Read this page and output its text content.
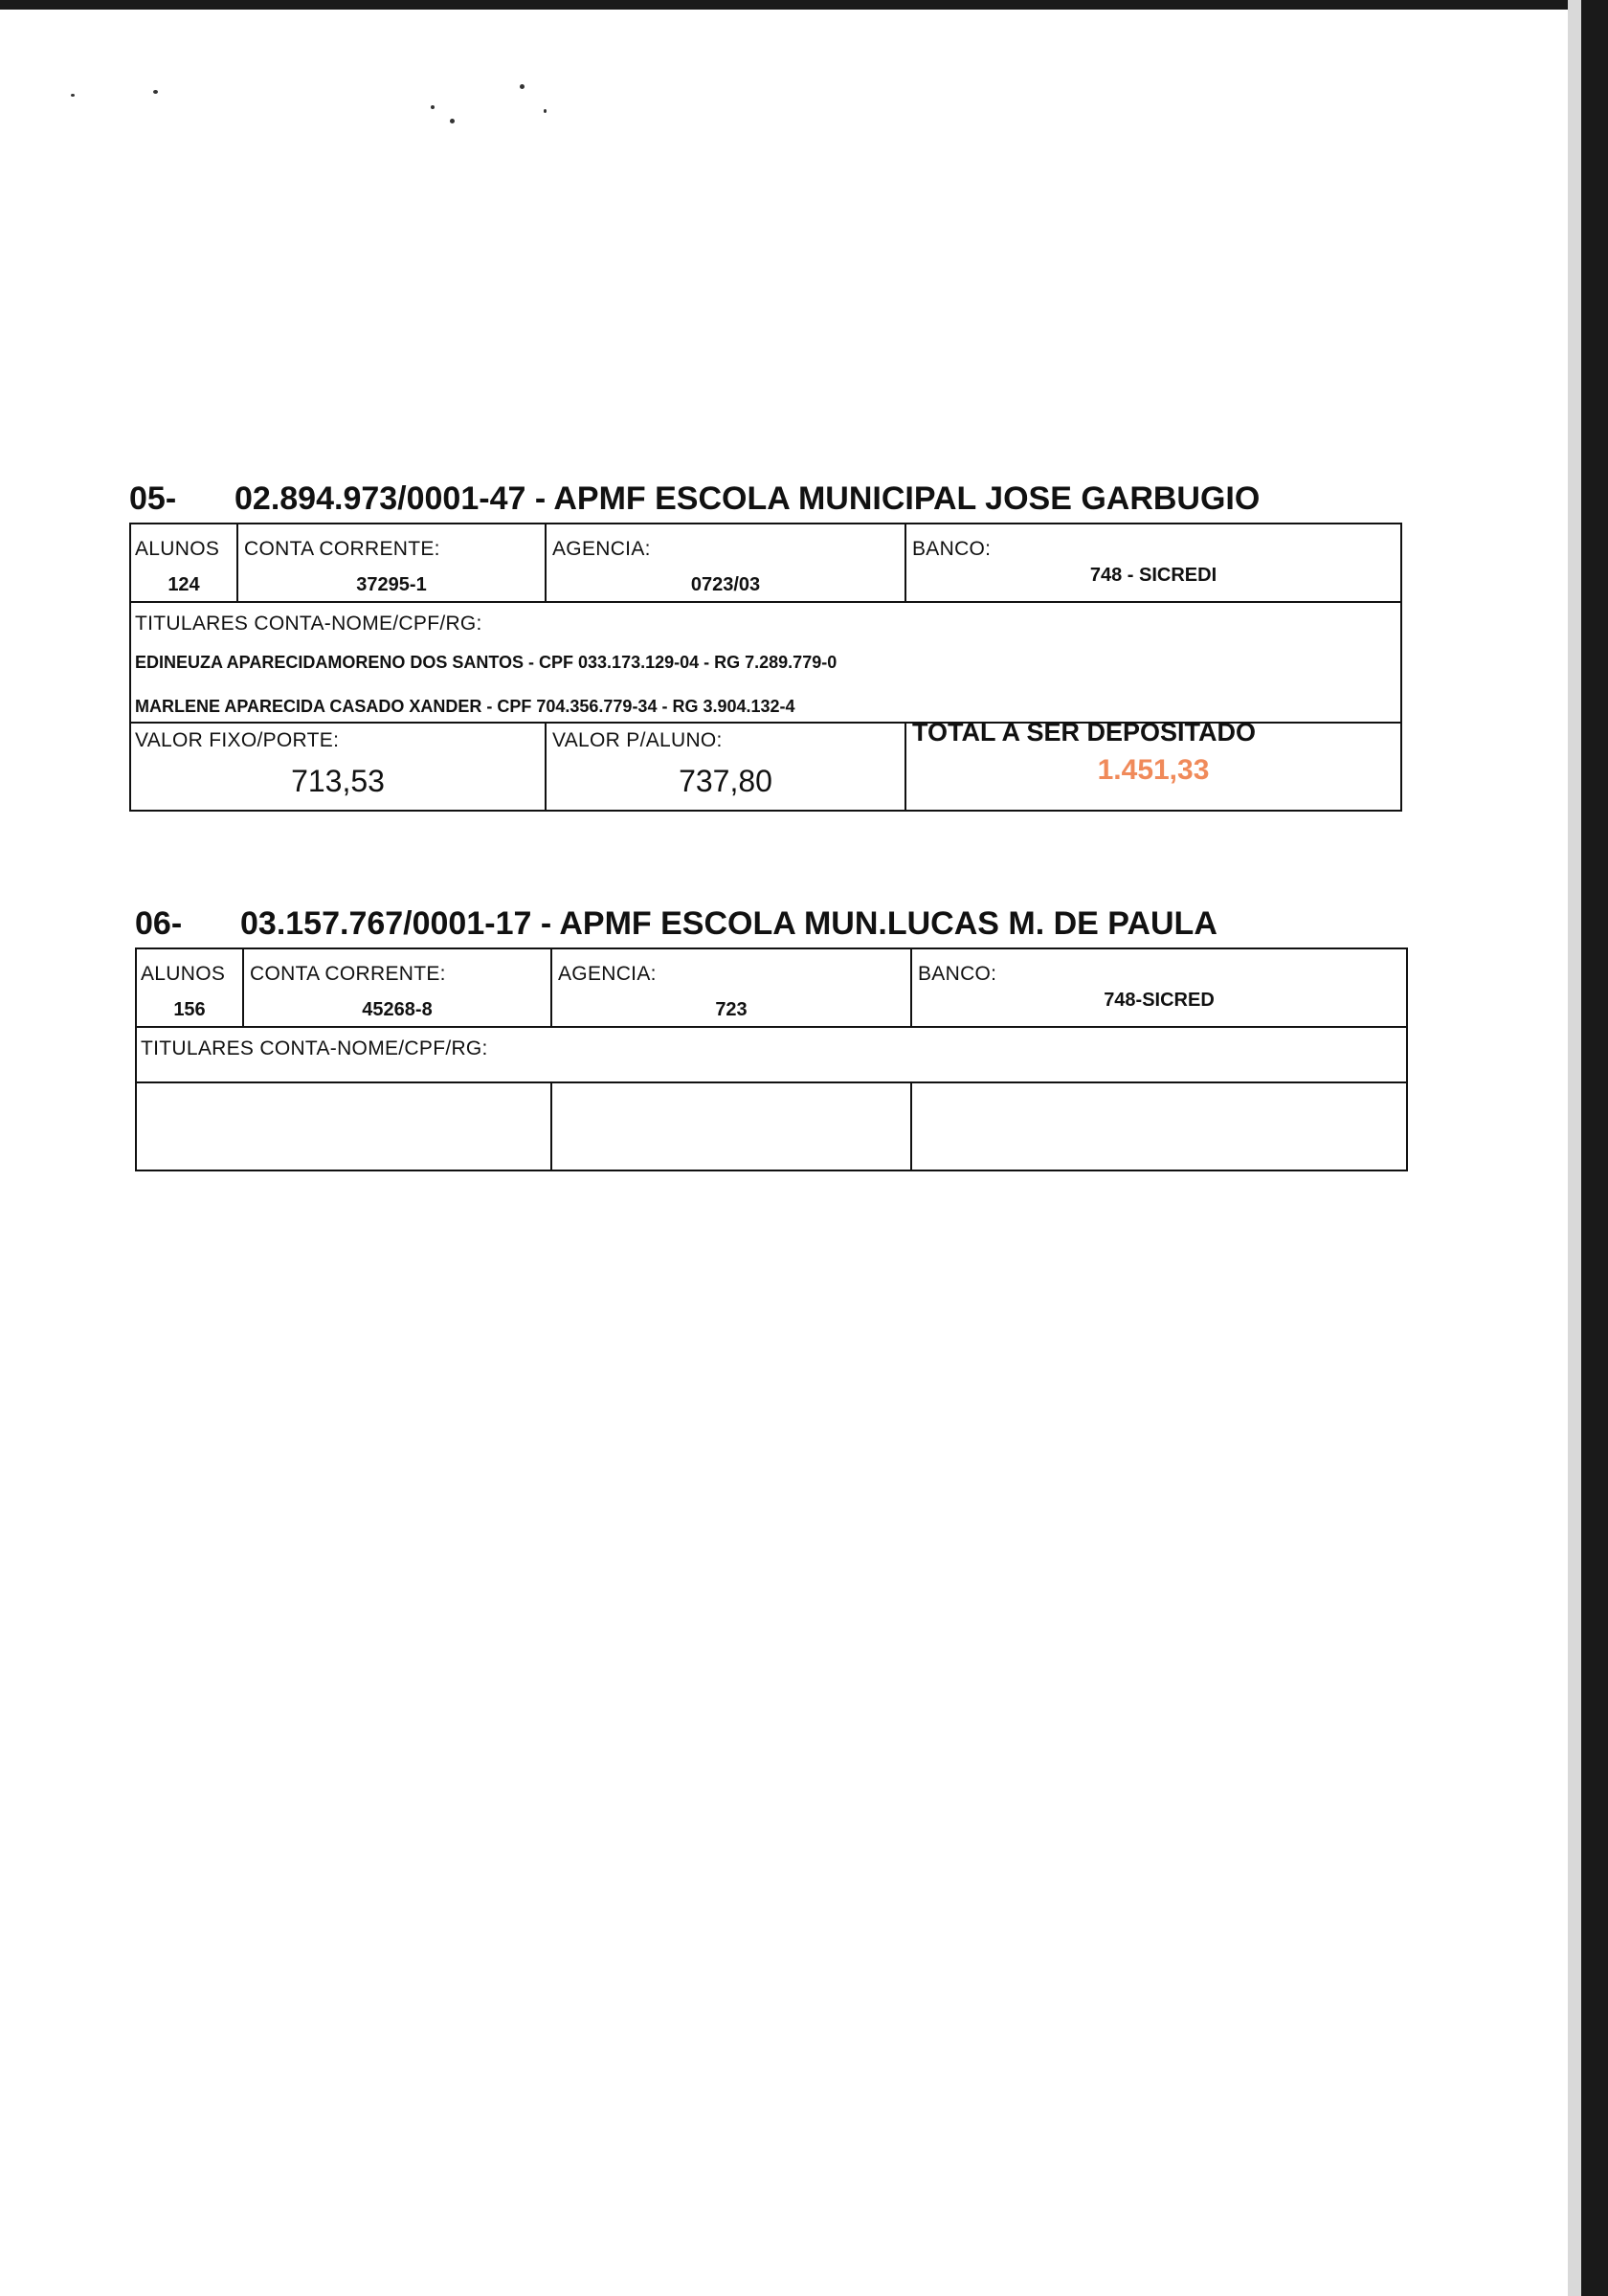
05- 02.894.973/0001-47 - APMF ESCOLA MUNICIPAL JOSE GARBUGIO
ALUNOS
124
CONTA CORRENTE:
37295-1
AGENCIA:
0723/03
BANCO:
748 - SICREDI
TITULARES CONTA-NOME/CPF/RG:
EDINEUZA APARECIDAMORENO DOS SANTOS - CPF 033.173.129-04 - RG 7.289.779-0
MARLENE APARECIDA CASADO XANDER - CPF 704.356.779-34 - RG 3.904.132-4
VALOR FIXO/PORTE:
713,53
VALOR P/ALUNO:
737,80
TOTAL A SER DEPOSITADO
1.451,33
06- 03.157.767/0001-17 - APMF ESCOLA MUN.LUCAS M. DE PAULA
ALUNOS
156
CONTA CORRENTE:
45268-8
AGENCIA:
723
BANCO:
748-SICRED
TITULARES CONTA-NOME/CPF/RG:
